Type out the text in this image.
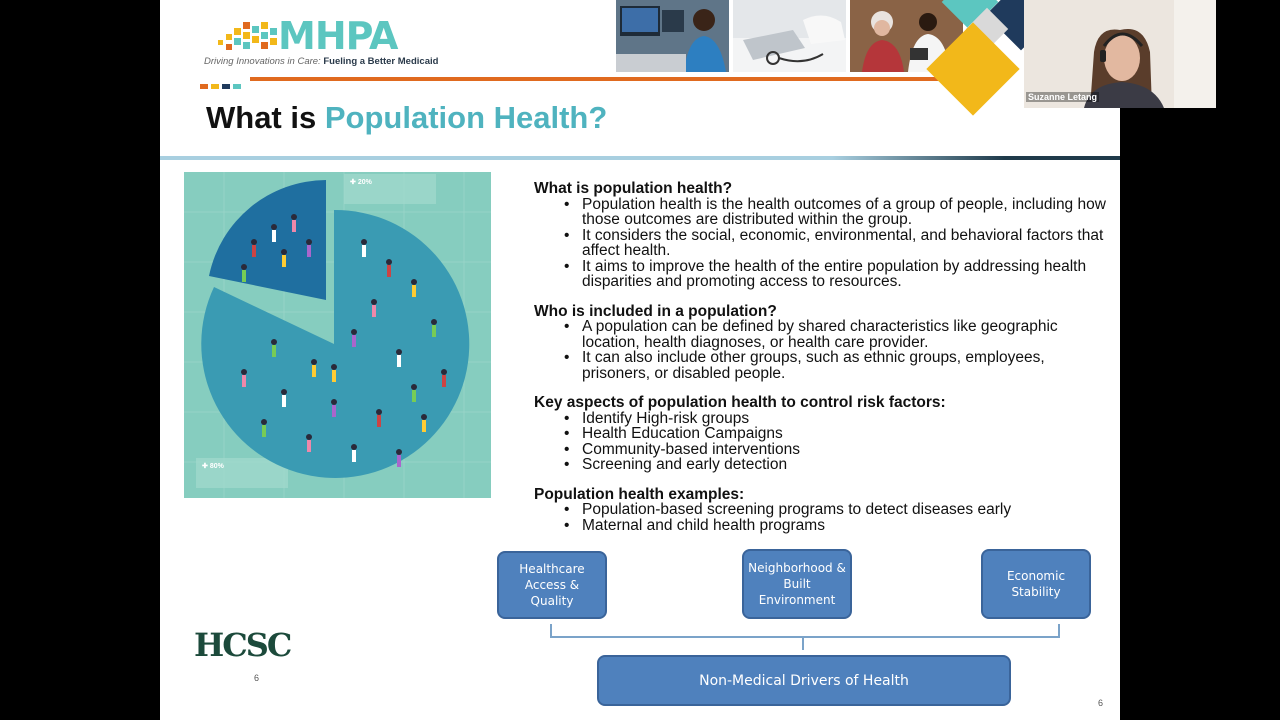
MHPA
Driving Innovations in Care: Fueling a Better Medicaid
What is Population Health?
✚ 20%
✚ 80%
What is population health?
• Population health is the health outcomes of a group of people, including how those outcomes are distributed within the group.
• It considers the social, economic, environmental, and behavioral factors that affect health.
• It aims to improve the health of the entire population by addressing health disparities and promoting access to resources.
Who is included in a population?
• A population can be defined by shared characteristics like geographic location, health diagnoses, or health care provider.
• It can also include other groups, such as ethnic groups, employees, prisoners, or disabled people.
Key aspects of population health to control risk factors:
• Identify High-risk groups
• Health Education Campaigns
• Community-based interventions
• Screening and early detection
Population health examples:
• Population-based screening programs to detect diseases early
• Maternal and child health programs
Healthcare Access & Quality
Neighborhood & Built Environment
Economic Stability
Non-Medical Drivers of Health
HCSC
6
6
Suzanne Letang
